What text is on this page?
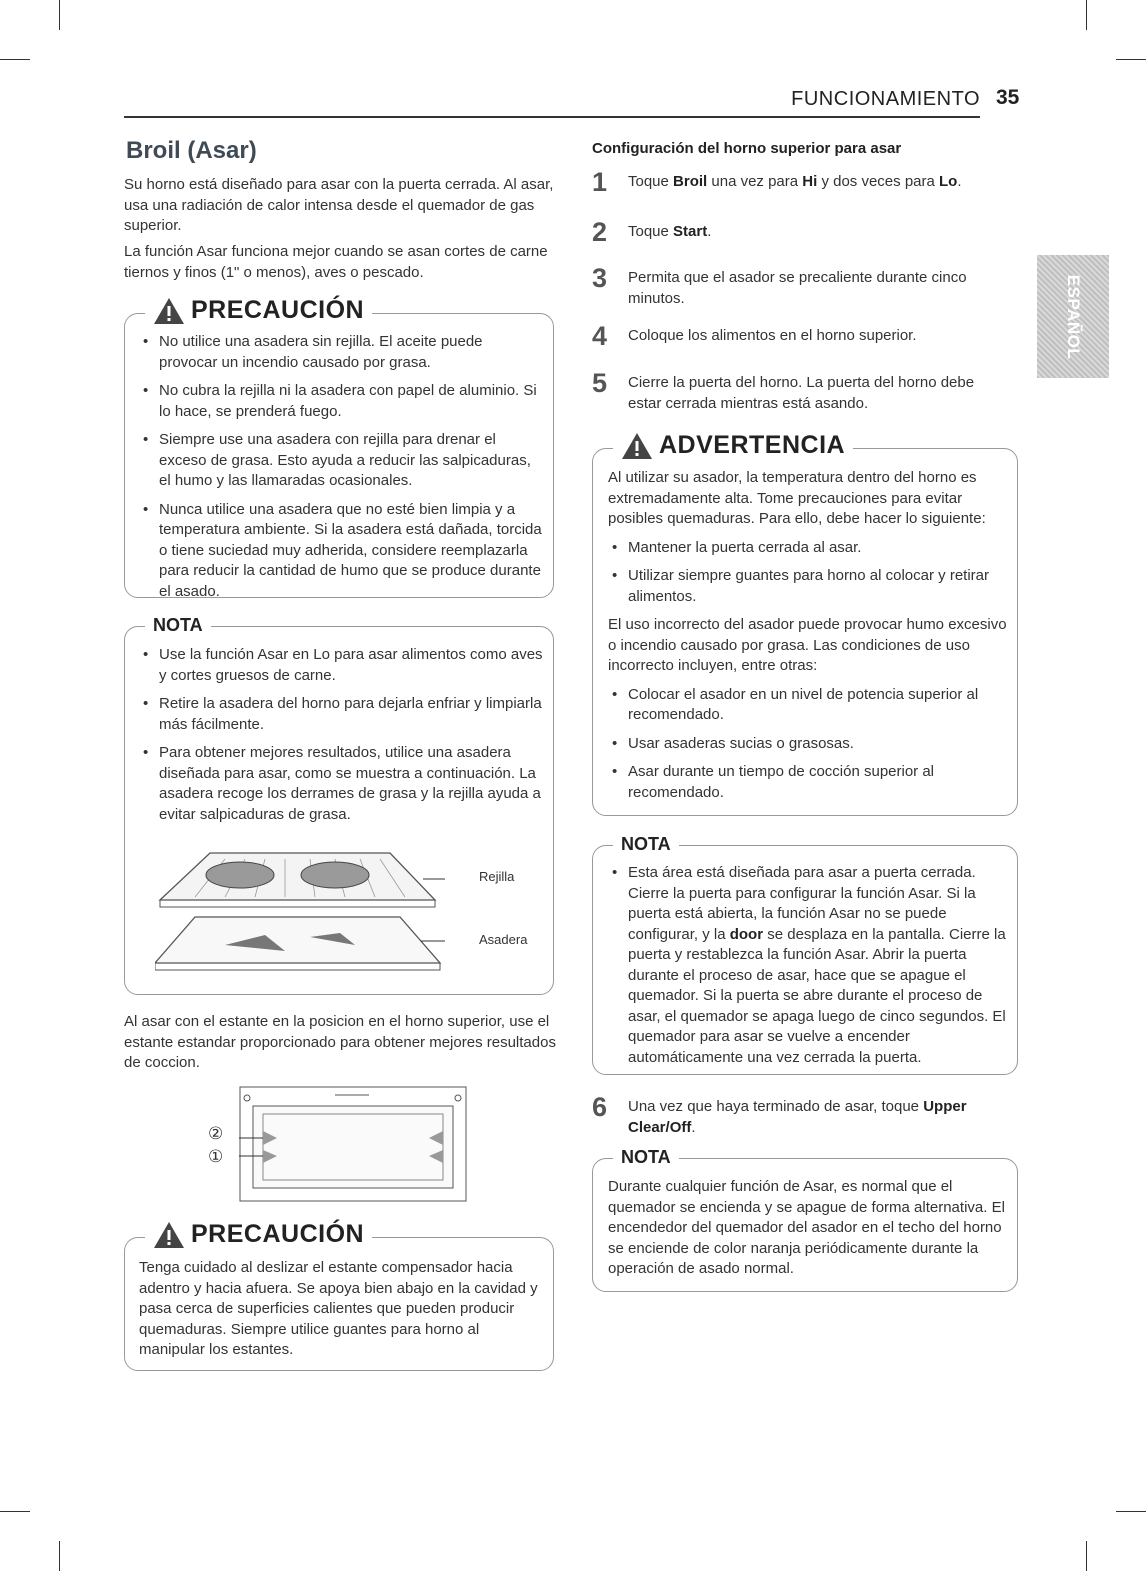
FUNCIONAMIENTO 35
ESPAÑOL
Broil (Asar)

Su horno está diseñado para asar con la puerta cerrada. Al asar, usa una radiación de calor intensa desde el quemador de gas superior.

La función Asar funciona mejor cuando se asan cortes de carne tiernos y finos (1" o menos), aves o pescado.

PRECAUCIÓN
• No utilice una asadera sin rejilla. El aceite puede provocar un incendio causado por grasa.
• No cubra la rejilla ni la asadera con papel de aluminio. Si lo hace, se prenderá fuego.
• Siempre use una asadera con rejilla para drenar el exceso de grasa. Esto ayuda a reducir las salpicaduras, el humo y las llamaradas ocasionales.
• Nunca utilice una asadera que no esté bien limpia y a temperatura ambiente. Si la asadera está dañada, torcida o tiene suciedad muy adherida, considere reemplazarla para reducir la cantidad de humo que se produce durante el asado.
NOTA
• Use la función Asar en Lo para asar alimentos como aves y cortes gruesos de carne.
• Retire la asadera del horno para dejarla enfriar y limpiarla más fácilmente.
• Para obtener mejores resultados, utilice una asadera diseñada para asar, como se muestra a continuación. La asadera recoge los derrames de grasa y la rejilla ayuda a evitar salpicaduras de grasa.
Rejilla
Asadera

Al asar con el estante en la posicion en el horno superior, use el estante estandar proporcionado para obtener mejores resultados de coccion.

②
①
PRECAUCIÓN

Tenga cuidado al deslizar el estante compensador hacia adentro y hacia afuera. Se apoya bien abajo en la cavidad y pasa cerca de superficies calientes que pueden producir quemaduras. Siempre utilice guantes para horno al manipular los estantes.

Configuración del horno superior para asar
1	Toque Broil una vez para Hi y dos veces para Lo.
2	Toque Start.
3	Permita que el asador se precaliente durante cinco minutos.
4	Coloque los alimentos en el horno superior.
5	Cierre la puerta del horno. La puerta del horno debe estar cerrada mientras está asando.
ADVERTENCIA

Al utilizar su asador, la temperatura dentro del horno es extremadamente alta. Tome precauciones para evitar posibles quemaduras. Para ello, debe hacer lo siguiente:

• Mantener la puerta cerrada al asar.
• Utilizar siempre guantes para horno al colocar y retirar alimentos.

El uso incorrecto del asador puede provocar humo excesivo o incendio causado por grasa. Las condiciones de uso incorrecto incluyen, entre otras:

• Colocar el asador en un nivel de potencia superior al recomendado.
• Usar asaderas sucias o grasosas.
• Asar durante un tiempo de cocción superior al recomendado.
NOTA
• Esta área está diseñada para asar a puerta cerrada. Cierre la puerta para configurar la función Asar. Si la puerta está abierta, la función Asar no se puede configurar, y la door se desplaza en la pantalla. Cierre la puerta y restablezca la función Asar. Abrir la puerta durante el proceso de asar, hace que se apague el quemador. Si la puerta se abre durante el proceso de asar, el quemador se apaga luego de cinco segundos. El quemador para asar se vuelve a encender automáticamente una vez cerrada la puerta.
6	Una vez que haya terminado de asar, toque Upper Clear/Off.
NOTA

Durante cualquier función de Asar, es normal que el quemador se encienda y se apague de forma alternativa. El encendedor del quemador del asador en el techo del horno se enciende de color naranja periódicamente durante la operación de asado normal.
